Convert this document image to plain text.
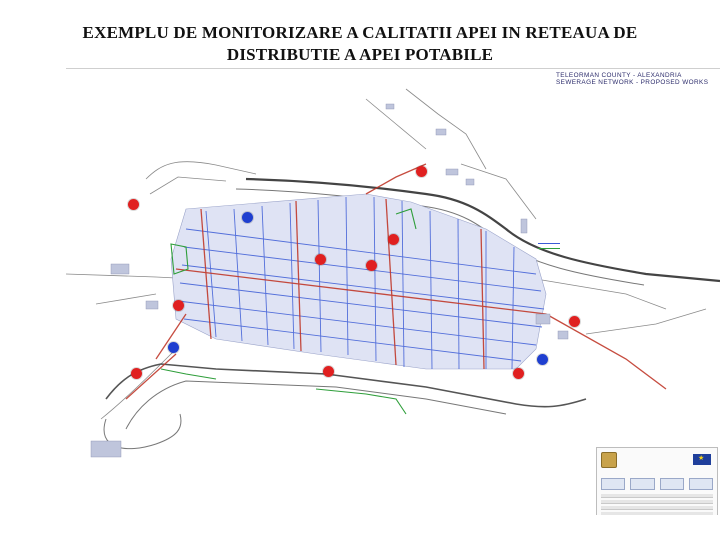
EXEMPLU DE MONITORIZARE A CALITATII APEI IN RETEAUA DE
DISTRIBUTIE A APEI POTABILE
TELEORMAN COUNTY - ALEXANDRIA
SEWERAGE NETWORK - PROPOSED WORKS
★
